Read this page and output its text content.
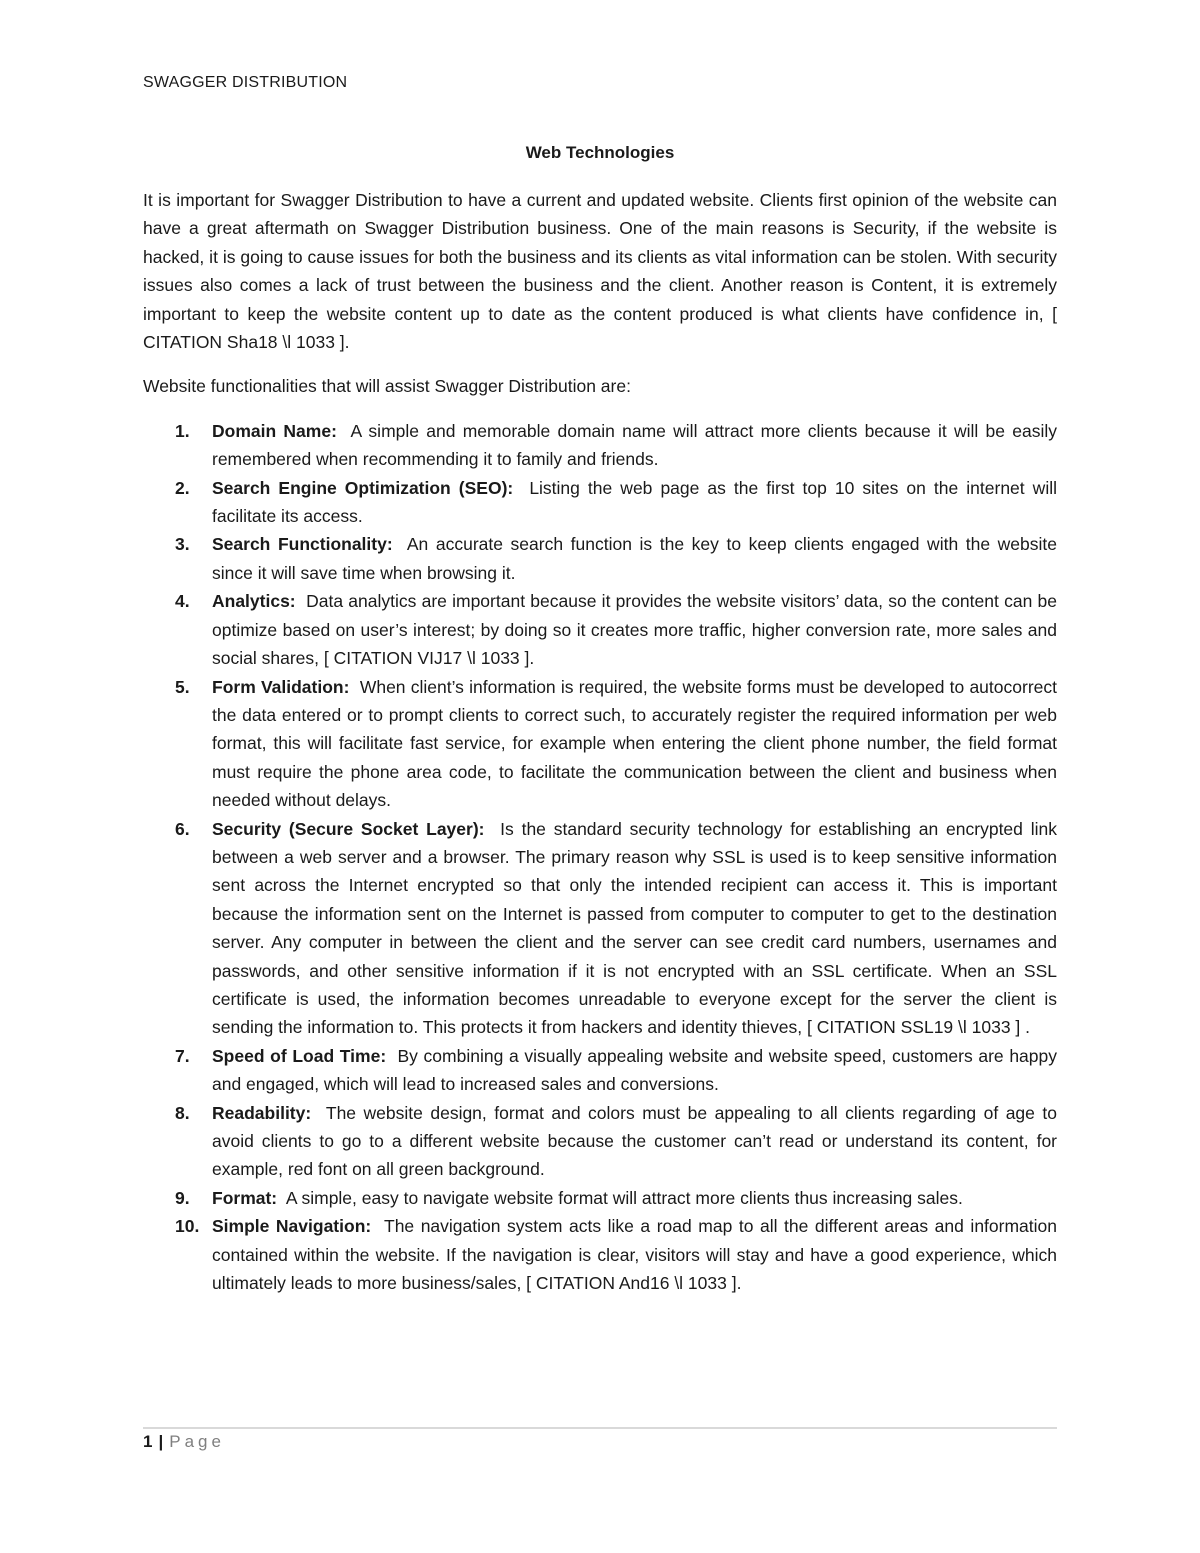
SWAGGER DISTRIBUTION
Web Technologies

It is important for Swagger Distribution to have a current and updated website. Clients first opinion of the website can have a great aftermath on Swagger Distribution business. One of the main reasons is Security, if the website is hacked, it is going to cause issues for both the business and its clients as vital information can be stolen. With security issues also comes a lack of trust between the business and the client. Another reason is Content, it is extremely important to keep the website content up to date as the content produced is what clients have confidence in, [ CITATION Sha18 \l 1033 ].

Website functionalities that will assist Swagger Distribution are:

1. Domain Name: A simple and memorable domain name will attract more clients because it will be easily remembered when recommending it to family and friends.
2. Search Engine Optimization (SEO): Listing the web page as the first top 10 sites on the internet will facilitate its access.
3. Search Functionality: An accurate search function is the key to keep clients engaged with the website since it will save time when browsing it.
4. Analytics: Data analytics are important because it provides the website visitors’ data, so the content can be optimize based on user’s interest; by doing so it creates more traffic, higher conversion rate, more sales and social shares, [ CITATION VIJ17 \l 1033 ].
5. Form Validation: When client’s information is required, the website forms must be developed to autocorrect the data entered or to prompt clients to correct such, to accurately register the required information per web format, this will facilitate fast service, for example when entering the client phone number, the field format must require the phone area code, to facilitate the communication between the client and business when needed without delays.
6. Security (Secure Socket Layer): Is the standard security technology for establishing an encrypted link between a web server and a browser. The primary reason why SSL is used is to keep sensitive information sent across the Internet encrypted so that only the intended recipient can access it. This is important because the information sent on the Internet is passed from computer to computer to get to the destination server. Any computer in between the client and the server can see credit card numbers, usernames and passwords, and other sensitive information if it is not encrypted with an SSL certificate. When an SSL certificate is used, the information becomes unreadable to everyone except for the server the client is sending the information to. This protects it from hackers and identity thieves, [ CITATION SSL19 \l 1033 ] .
7. Speed of Load Time: By combining a visually appealing website and website speed, customers are happy and engaged, which will lead to increased sales and conversions.
8. Readability: The website design, format and colors must be appealing to all clients regarding of age to avoid clients to go to a different website because the customer can’t read or understand its content, for example, red font on all green background.
9. Format: A simple, easy to navigate website format will attract more clients thus increasing sales.
10. Simple Navigation: The navigation system acts like a road map to all the different areas and information contained within the website. If the navigation is clear, visitors will stay and have a good experience, which ultimately leads to more business/sales, [ CITATION And16 \l 1033 ].
1 | Page
